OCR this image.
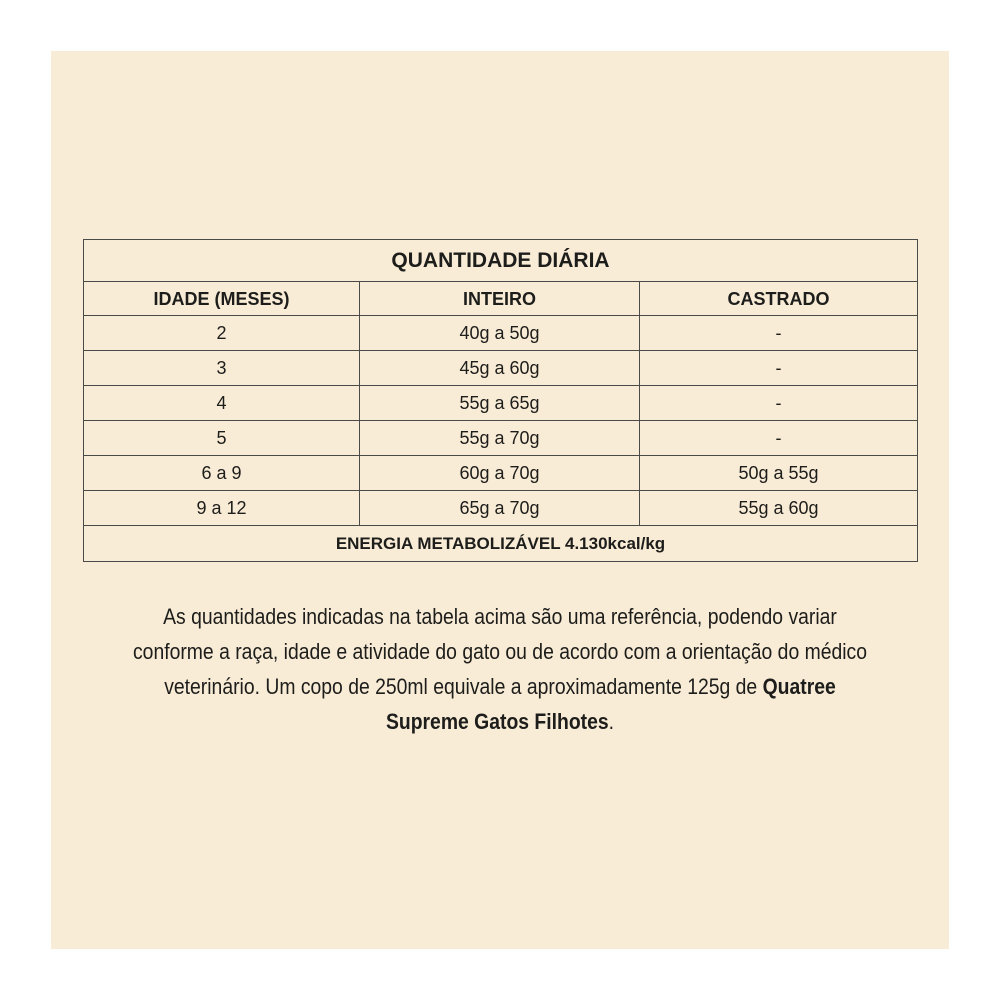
QUANTIDADE DIÁRIA		
IDADE (MESES)	INTEIRO	CASTRADO
2	40g a 50g	-
3	45g a 60g	-
4	55g a 65g	-
5	55g a 70g	-
6 a 9	60g a 70g	50g a 55g
9 a 12	65g a 70g	55g a 60g
ENERGIA METABOLIZÁVEL 4.130kcal/kg		
As quantidades indicadas na tabela acima são uma referência, podendo variar conforme a raça, idade e atividade do gato ou de acordo com a orientação do médico veterinário. Um copo de 250ml equivale a aproximadamente 125g de Quatree Supreme Gatos Filhotes.
